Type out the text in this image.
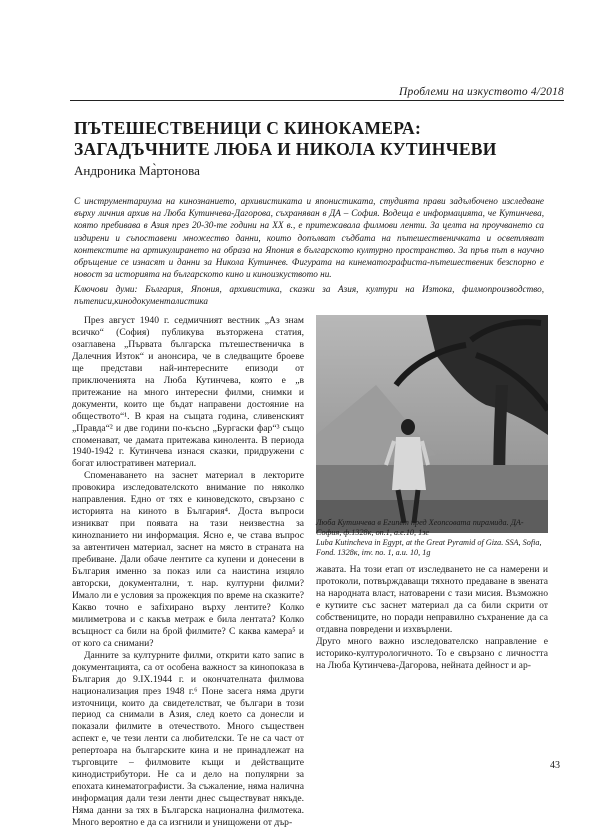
Проблеми на изкуството 4/2018
ПЪТЕШЕСТВЕНИЦИ С КИНОКАМЕРА: ЗАГАДЪЧНИТЕ ЛЮБА И НИКОЛА КУТИНЧЕВИ
Андроника Ма̀ртонова

С инструментариума на кинознанието, архивистиката и японистиката, студията прави задълбочено изследване върху личния архив на Люба Кутинчева-Дагорова, съхраняван в ДА – София. Водеща е информацията, че Кутинчева, която пребивава в Азия през 20-30-те години на XX в., е притежавала филмови ленти. За целта на проучването са издирени и съпоставени множество данни, които допълват съдбата на пътешественичката и осветляват контекстите на артикулирането на образа на Япония в българското културно пространство. За пръв път в научно обръщение се изнасят и данни за Никола Кутинчев. Фигурата на кинематографиста-пътешественик безспорно е новост за историята на българското кино и киноизкуството ни.

Ключови думи: България, Япония, архивистика, сказки за Азия, култури на Изтока, филмопроизводство, пътеписи,кинодокументалистика

През август 1940 г. седмичният вестник „Аз знам всичко“ (София) публикува възторжена статия, озаглавена „Първата българска пътешественичка в Далечния Изток“ и анонсира, че в следващите броеве ще представи най-интересните епизоди от приключенията на Люба Кутинчева, която е „в притежание на много интересни филми, снимки и документи, които ще бъдат направени достояние на обществото“¹. В края на същата година, сливенският „Правда“² и две години по-късно „Бургаски фар“³ също споменават, че дамата притежава кинолента. В периода 1940-1942 г. Кутинчева изнася сказки, придружени с богат илюстративен материал.

Споменаването на заснет материал в лекторите провокира изследователското внимание по няколко направления. Едно от тях е киноведското, свързано с историята на киното в България⁴. Доста въпроси изникват при появата на тази неизвестна за киноznанието ни информация. Ясно е, че става въпрос за автентичен материал, заснет на място в страната на пребиване. Дали обаче лентите са купени и донесени в България именно за показ или са наистина изцяло авторски, документални, т. нар. културни филми? Имало ли е условия за прожекция по време на сказките? Какво точно е заfixирано върху лентите? Колко милиметрова и с какъв метраж е била лентата? Колко всъщност са били на брой филмите? С каква камера⁵ и от кого са снимани?

Данните за културните филми, открити като запис в документацията, са от особена важност за кинопоказа в България до 9.IX.1944 г. и окончателната филмова национализация през 1948 г.⁶ Поне засега няма други източници, които да свидетелстват, че българи в този период са снимали в Азия, след което са донесли и показали филмите в отечеството. Много съществен аспект е, че тези ленти са любителски. Те не са част от репертоара на българските кина и не принадлежат на търговците – филмовите къщи и действащите кинодистрибутори. Не са и дело на популярни за епохата кинематографисти. За съжаление, няма налична информация дали тези ленти днес съществуват някъде. Няма данни за тях в Българска национална филмотека. Много вероятно е да са изгнили и унищожени от дър-

Люба Кутинчева в Египет пред Хеопсовата пирамида. ДА-София, ф.1328к, оп.1, а.е.10, 1зе

Luba Kutincheva in Egypt, at the Great Pyramid of Giza. SSA, Sofia, Fond. 1328к, inv. no. 1, a.u. 10, 1g

жавата. На този етап от изследването не са намерени и протоколи, потвърждаващи тяхното предаване в звената на народната власт, натоварени с тази мисия. Възможно е кутиите със заснет материал да са били скрити от собствениците, но поради неправилно съхранение да са отдавна повредени и изхвърлени.

Друго много важно изследователско направление е историко-културологичното. То е свързано с личността на Люба Кутинчева-Дагорова, нейната дейност и ар-

43
